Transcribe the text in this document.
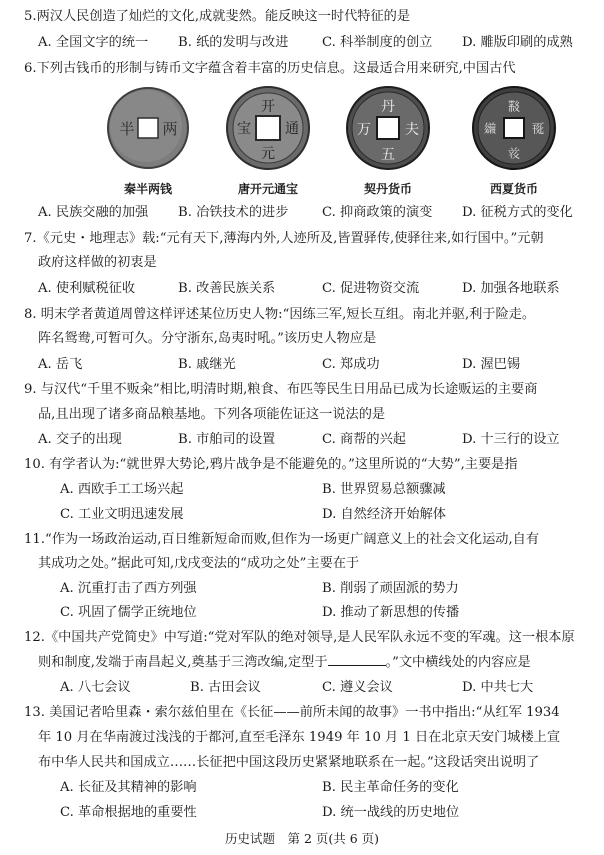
5.两汉人民创造了灿烂的文化,成就斐然。能反映这一时代特征的是
A. 全国文字的统一 B. 纸的发明与改进	C. 科举制度的创立 D. 雕版印刷的成熟
6.下列古钱币的形制与铸币文字蕴含着丰富的历史信息。这最适合用来研究,中国古代
半 两
秦半两钱
开
元
通
宝
唐开元通宝
丹
五
万 夫
契丹货币
𘜶
𗀔
𘝞
𗫠
西夏货币
A. 民族交融的加强 B. 冶铁技术的进步	C. 抑商政策的演变 D. 征税方式的变化
7.《元史・地理志》载:“元有天下,薄海内外,人迹所及,皆置驿传,使驿往来,如行国中。”元朝
政府这样做的初衷是
A. 使利赋税征收	B. 改善民族关系	C. 促进物资交流	D. 加强各地联系
8. 明末学者黄道周曾这样评述某位历史人物:“因练三军,短长互组。南北并驱,利于险走。
阵名鸳鸯,可暂可久。分守浙东,岛夷时吼。”该历史人物应是
A. 岳飞	B. 戚继光	C. 郑成功	D. 渥巴锡
9. 与汉代“千里不贩籴”相比,明清时期,粮食、布匹等民生日用品已成为长途贩运的主要商
品,且出现了诸多商品粮基地。下列各项能佐证这一说法的是
A. 交子的出现	B. 市舶司的设置	C. 商帮的兴起	D. 十三行的设立
10. 有学者认为:“就世界大势论,鸦片战争是不能避免的。”这里所说的“大势”,主要是指
A. 西欧手工工场兴起	B. 世界贸易总额骤减
C. 工业文明迅速发展	D. 自然经济开始解体
11.“作为一场政治运动,百日维新短命而败,但作为一场更广阔意义上的社会文化运动,自有
其成功之处。”据此可知,戊戌变法的“成功之处”主要在于
A. 沉重打击了西方列强	B. 削弱了顽固派的势力
C. 巩固了儒学正统地位	D. 推动了新思想的传播
12.《中国共产党简史》中写道:“党对军队的绝对领导,是人民军队永远不变的军魂。这一根本原
则和制度,发端于南昌起义,奠基于三湾改编,定型于	。”文中横线处的内容应是
A. 八七会议	B. 古田会议	C. 遵义会议	D. 中共七大
13. 美国记者哈里森・索尔兹伯里在《长征——前所未闻的故事》一书中指出:“从红军 1934
年 10 月在华南渡过浅浅的于都河,直至毛泽东 1949 年 10 月 1 日在北京天安门城楼上宣
布中华人民共和国成立……长征把中国这段历史紧紧地联系在一起。”这段话突出说明了
A. 长征及其精神的影响	B. 民主革命任务的变化
C. 革命根据地的重要性	D. 统一战线的历史地位
历史试题　第 2 页(共 6 页)
